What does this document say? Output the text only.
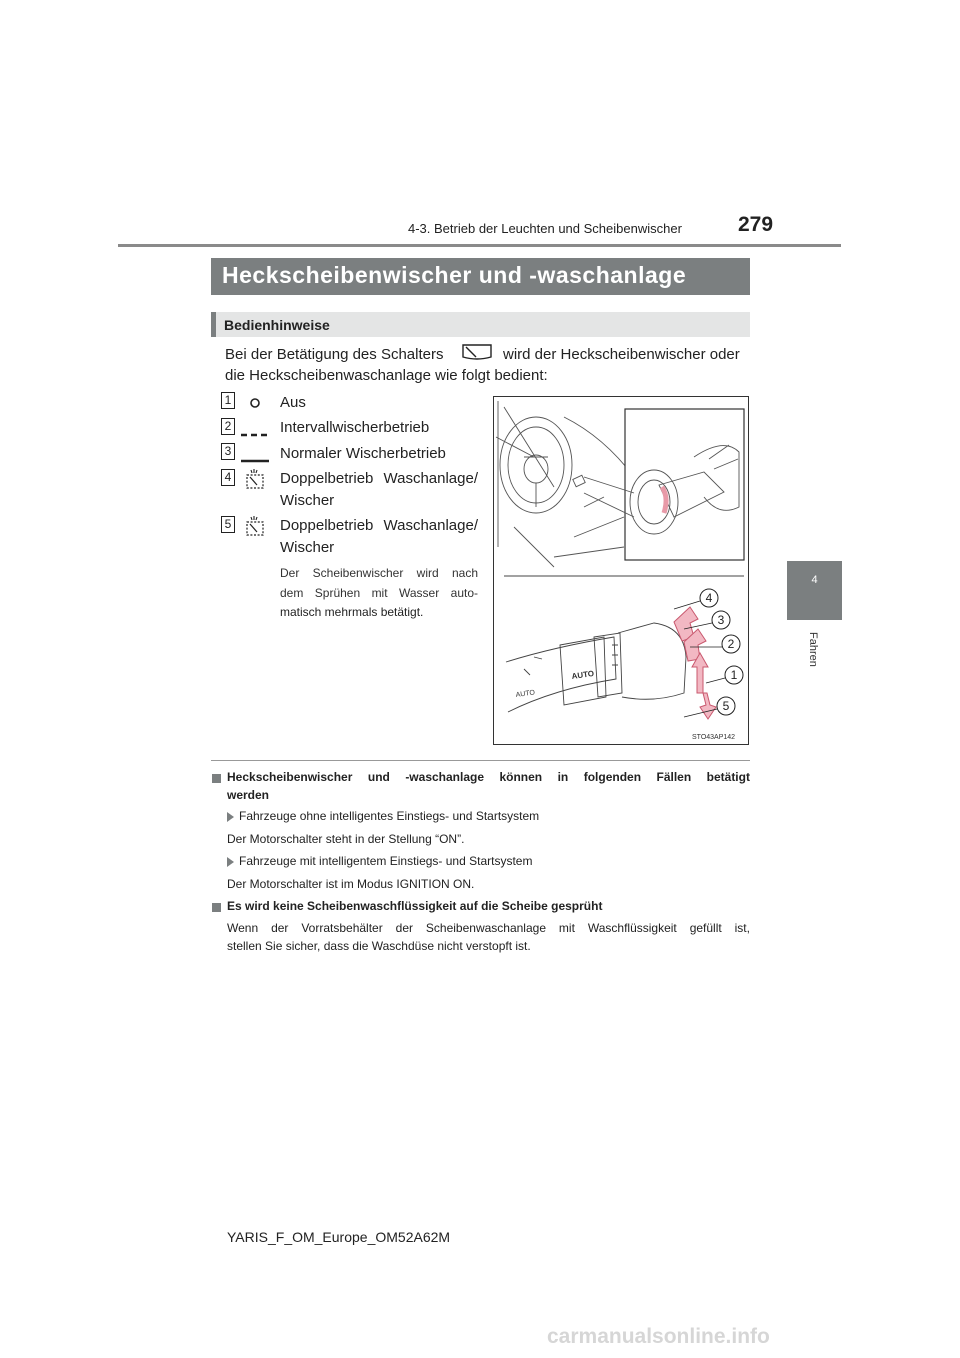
4-3. Betrieb der Leuchten und Scheibenwischer	279
4
Fahren
Heckscheibenwischer und -waschanlage
Bedienhinweise
Bei der Betätigung des Schalters	wird der Heckscheibenwischer oder
die Heckscheibenwaschanlage wie folgt bedient:
1	Aus
2	Intervallwischerbetrieb
3	Normaler Wischerbetrieb
4	Doppelbetrieb Waschanlage/
Wischer
5	Doppelbetrieb Waschanlage/
Wischer
Der Scheibenwischer wird nach
dem Sprühen mit Wasser auto-
matisch mehrmals betätigt.
AUTO
AUTO
4
3
2
1
5
STO43AP142
Heckscheibenwischer und -waschanlage können in folgenden Fällen betätigt
werden
Fahrzeuge ohne intelligentes Einstiegs- und Startsystem
Der Motorschalter steht in der Stellung “ON”.
Fahrzeuge mit intelligentem Einstiegs- und Startsystem
Der Motorschalter ist im Modus IGNITION ON.
Es wird keine Scheibenwaschflüssigkeit auf die Scheibe gesprüht
Wenn der Vorratsbehälter der Scheibenwaschanlage mit Waschflüssigkeit gefüllt ist,
stellen Sie sicher, dass die Waschdüse nicht verstopft ist.
YARIS_F_OM_Europe_OM52A62M
carmanualsonline.info
